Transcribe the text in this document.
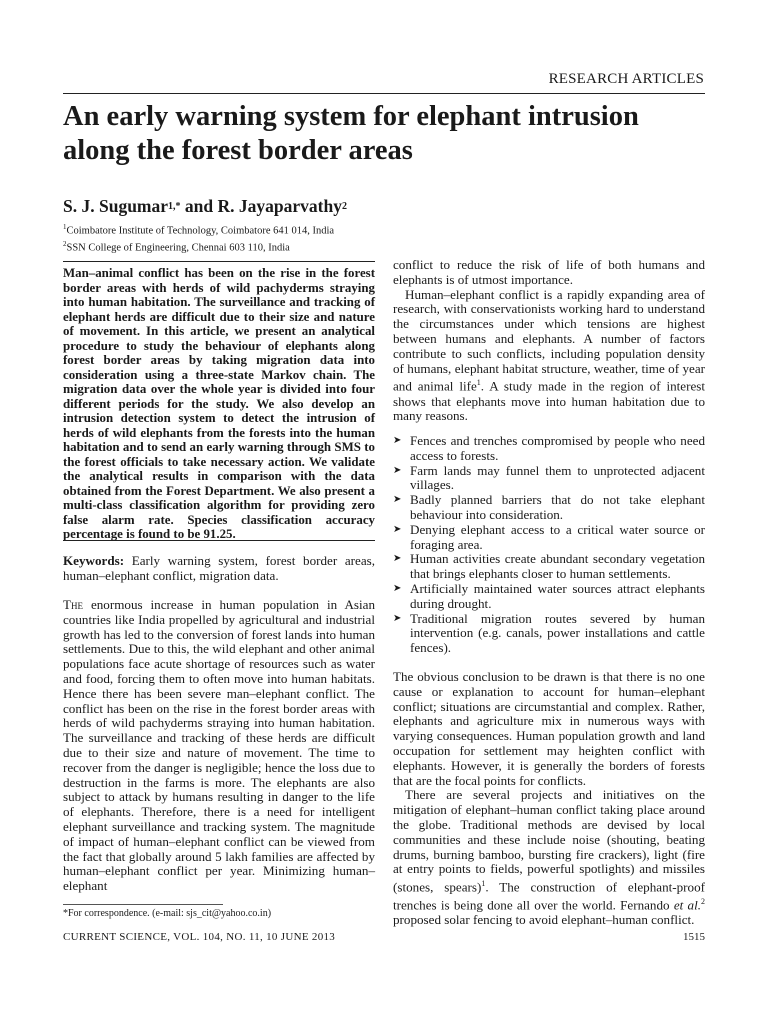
RESEARCH ARTICLES
An early warning system for elephant intrusion
along the forest border areas
S. J. Sugumar$^{1,*}$ and R. Jayaparvathy$^2$
$^1$Coimbatore Institute of Technology, Coimbatore 641 014, India
$^2$SSN College of Engineering, Chennai 603 110, India

Man–animal conflict has been on the rise in the forest border areas with herds of wild pachyderms straying into human habitation. The surveillance and tracking of elephant herds are difficult due to their size and nature of movement. In this article, we present an analytical procedure to study the behaviour of elephants along forest border areas by taking migration data into consideration using a three-state Markov chain. The migration data over the whole year is divided into four different periods for the study. We also develop an intrusion detection system to detect the intrusion of herds of wild elephants from the forests into the human habitation and to send an early warning through SMS to the forest officials to take necessary action. We validate the analytical results in comparison with the data obtained from the Forest Department. We also present a multi-class classification algorithm for providing zero false alarm rate. Species classification accuracy percentage is found to be 91.25.

Keywords: Early warning system, forest border areas, human–elephant conflict, migration data.

The enormous increase in human population in Asian countries like India propelled by agricultural and industrial growth has led to the conversion of forest lands into human settlements. Due to this, the wild elephant and other animal populations face acute shortage of resources such as water and food, forcing them to often move into human habitats. Hence there has been severe man–elephant conflict. The conflict has been on the rise in the forest border areas with herds of wild pachyderms straying into human habitation. The surveillance and tracking of these herds are difficult due to their size and nature of movement. The time to recover from the danger is negligible; hence the loss due to destruction in the farms is more. The elephants are also subject to attack by humans resulting in danger to the life of elephants. Therefore, there is a need for intelligent elephant surveillance and tracking system. The magnitude of impact of human–elephant conflict can be viewed from the fact that globally around 5 lakh families are affected by human–elephant conflict per year. Minimizing human–elephant

*For correspondence. (e-mail: sjs_cit@yahoo.co.in)

conflict to reduce the risk of life of both humans and elephants is of utmost importance.

Human–elephant conflict is a rapidly expanding area of research, with conservationists working hard to understand the circumstances under which tensions are highest between humans and elephants. A number of factors contribute to such conflicts, including population density of humans, elephant habitat structure, weather, time of year and animal life$^1$. A study made in the region of interest shows that elephants move into human habitation due to many reasons.

➤ Fences and trenches compromised by people who need access to forests.
➤ Farm lands may funnel them to unprotected adjacent villages.
➤ Badly planned barriers that do not take elephant behaviour into consideration.
➤ Denying elephant access to a critical water source or foraging area.
➤ Human activities create abundant secondary vegetation that brings elephants closer to human settlements.
➤ Artificially maintained water sources attract elephants during drought.
➤ Traditional migration routes severed by human intervention (e.g. canals, power installations and cattle fences).

The obvious conclusion to be drawn is that there is no one cause or explanation to account for human–elephant conflict; situations are circumstantial and complex. Rather, elephants and agriculture mix in numerous ways with varying consequences. Human population growth and land occupation for settlement may heighten conflict with elephants. However, it is generally the borders of forests that are the focal points for conflicts.

There are several projects and initiatives on the mitigation of elephant–human conflict taking place around the globe. Traditional methods are devised by local communities and these include noise (shouting, beating drums, burning bamboo, bursting fire crackers), light (fire at entry points to fields, powerful spotlights) and missiles (stones, spears)$^1$. The construction of elephant-proof trenches is being done all over the world. Fernando et al.$^2$ proposed solar fencing to avoid elephant–human conflict.

CURRENT SCIENCE, VOL. 104, NO. 11, 10 JUNE 2013	1515
